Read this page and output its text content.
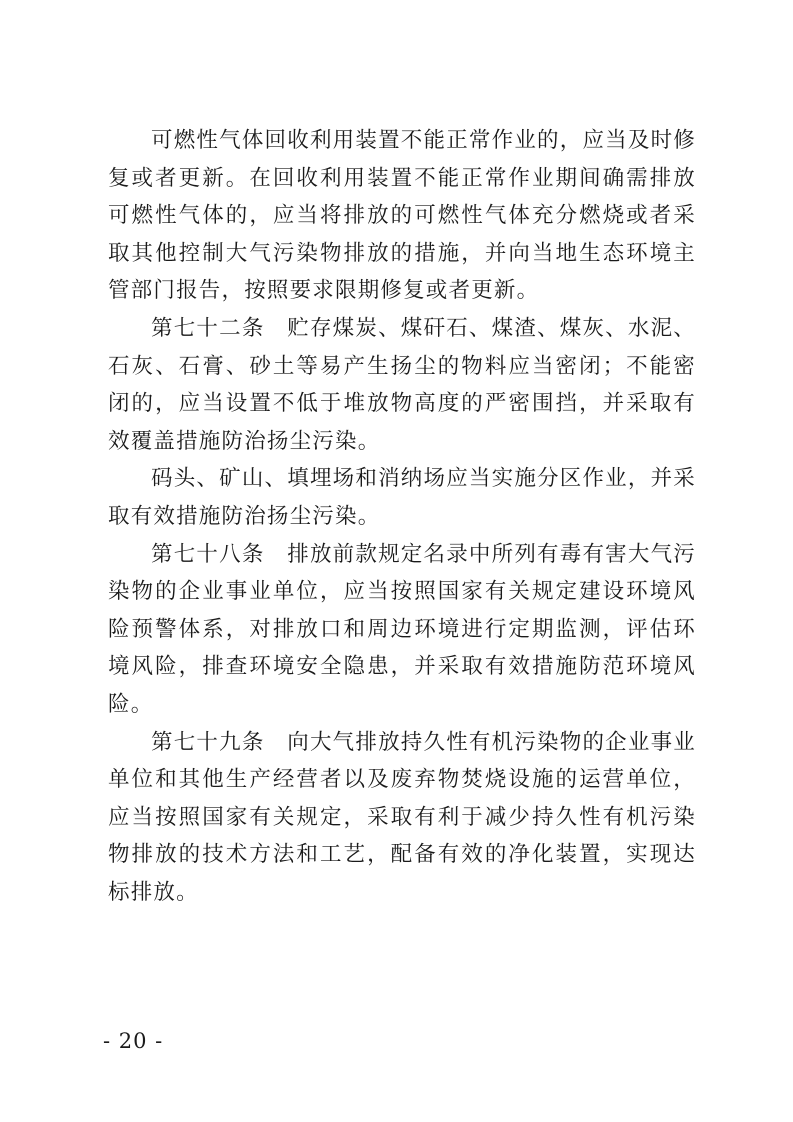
可燃性气体回收利用装置不能正常作业的，应当及时修复或者更新。在回收利用装置不能正常作业期间确需排放可燃性气体的，应当将排放的可燃性气体充分燃烧或者采取其他控制大气污染物排放的措施，并向当地生态环境主管部门报告，按照要求限期修复或者更新。

第七十二条　贮存煤炭、煤矸石、煤渣、煤灰、水泥、石灰、石膏、砂土等易产生扬尘的物料应当密闭；不能密闭的，应当设置不低于堆放物高度的严密围挡，并采取有效覆盖措施防治扬尘污染。

码头、矿山、填埋场和消纳场应当实施分区作业，并采取有效措施防治扬尘污染。

第七十八条　排放前款规定名录中所列有毒有害大气污染物的企业事业单位，应当按照国家有关规定建设环境风险预警体系，对排放口和周边环境进行定期监测，评估环境风险，排查环境安全隐患，并采取有效措施防范环境风险。

第七十九条　向大气排放持久性有机污染物的企业事业单位和其他生产经营者以及废弃物焚烧设施的运营单位，应当按照国家有关规定，采取有利于减少持久性有机污染物排放的技术方法和工艺，配备有效的净化装置，实现达标排放。

- 20 -
